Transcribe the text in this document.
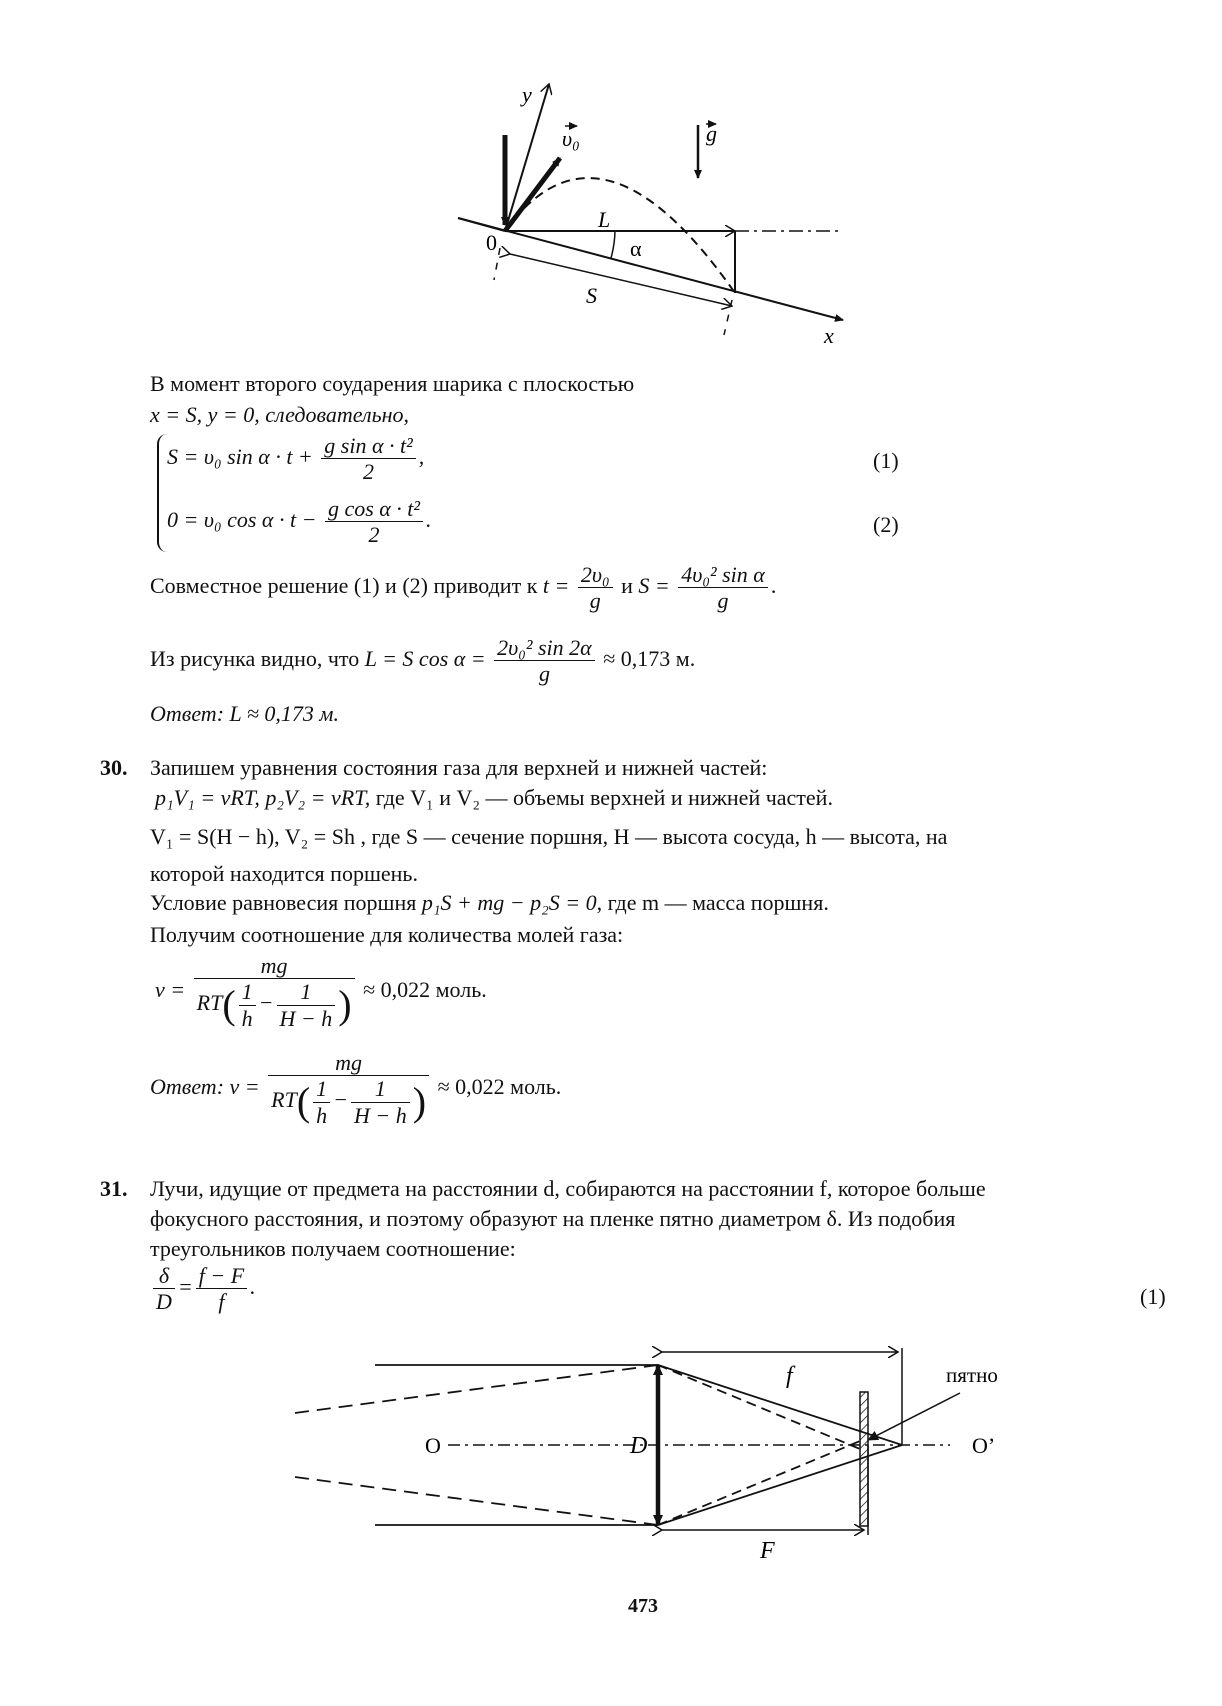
y
υ₀	g
0
L
α
S
x
В момент второго соударения шарика с плоскостью
x = S, y = 0, следовательно,
S = υ₀ $\sin \alpha \cdot t + \frac{\text{g sin α · t²}}{2}$ ,	(1)
0 = υ₀ $\cos \alpha \cdot t - \frac{\text{g cos α · t²}}{2}$ .	(2)
Совместное решение (1) и (2) приводит к $t = \frac{\text{2υ₀}}{g}$ и $S = \frac{\text{4υ₀² sin α}}{g}$ .
Из рисунка видно, что L = S $\cos \alpha = \frac{\text{2υ₀² sin 2α}}{g} \approx 0,173$ м.
Ответ: L ≈ 0,173 м.
30. Запишем уравнения состояния газа для верхней и нижней частей:
p₁V₁ = νRT, p₂V₂ = νRT, где V₁ и V₂ — объемы верхней и нижней частей.
V₁ = S(H − h), V₂ = Sh , где S — сечение поршня, H — высота сосуда, h — высота, на
которой находится поршень.
Условие равновесия поршня p₁S + mg − p₂S = 0, где m — масса поршня.
Получим соотношение для количества молей газа:
$\nu = \frac{mg}{RT( \frac{1}{h} - \frac{1}{H - h} )} \approx 0,022$ моль.
Ответ: $\nu = \frac{mg}{RT( \frac{1}{h} - \frac{1}{H - h} )} \approx 0,022$ моль.
31. Лучи, идущие от предмета на расстоянии d, собираются на расстоянии f, которое больше
фокусного расстояния, и поэтому образуют на пленке пятно диаметром δ. Из подобия
треугольников получаем соотношение:
$\frac{\delta}{D} = \frac{f - F}{f}$ .	(1)
f	пятно
D
O	O’
F
473
